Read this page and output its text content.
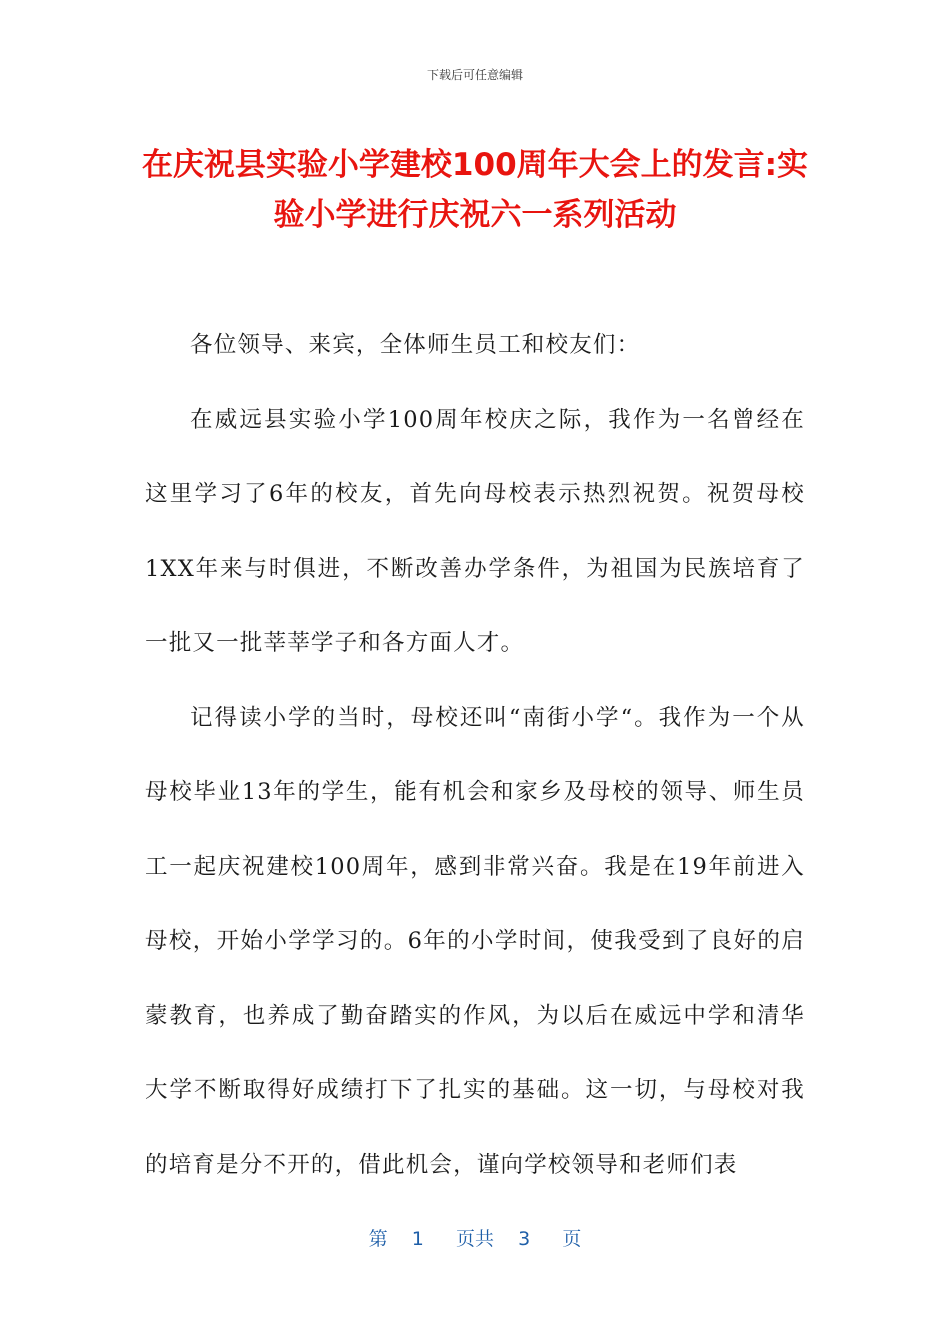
下载后可任意编辑
在庆祝县实验小学建校100周年大会上的发言:实验小学进行庆祝六一系列活动

各位领导、来宾，全体师生员工和校友们：

在威远县实验小学100周年校庆之际，我作为一名曾经在这里学习了6年的校友，首先向母校表示热烈祝贺。祝贺母校1XX年来与时俱进，不断改善办学条件，为祖国为民族培育了一批又一批莘莘学子和各方面人才。

记得读小学的当时，母校还叫“南街小学“。我作为一个从母校毕业13年的学生，能有机会和家乡及母校的领导、师生员工一起庆祝建校100周年，感到非常兴奋。我是在19年前进入母校，开始小学学习的。6年的小学时间，使我受到了良好的启蒙教育，也养成了勤奋踏实的作风，为以后在威远中学和清华大学不断取得好成绩打下了扎实的基础。这一切，与母校对我的培育是分不开的，借此机会，谨向学校领导和老师们表

第 1 页共 3 页
